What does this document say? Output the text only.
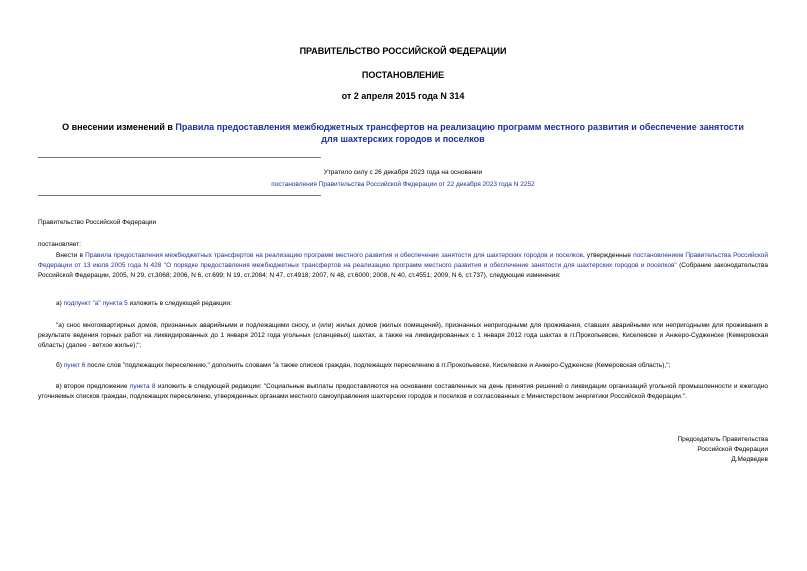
ПРАВИТЕЛЬСТВО РОССИЙСКОЙ ФЕДЕРАЦИИ
ПОСТАНОВЛЕНИЕ
от 2 апреля 2015 года N 314
О внесении изменений в Правила предоставления межбюджетных трансфертов на реализацию программ местного развития и обеспечение занятости для шахтерских городов и поселков
Утратило силу с 26 декабря 2023 года на основании
постановления Правительства Российской Федерации от 22 декабря 2023 года N 2252
Правительство Российской Федерации
постановляет:
Внести в Правила предоставления межбюджетных трансфертов на реализацию программ местного развития и обеспечение занятости для шахтерских городов и поселков, утвержденные постановлением Правительства Российской Федерации от 13 июля 2005 года N 428 "О порядке предоставления межбюджетных трансфертов на реализацию программ местного развития и обеспечение занятости для шахтерских городов и поселков" (Собрание законодательства Российской Федерации, 2005, N 29, ст.3068; 2006, N 6, ст.699; N 19, ст.2084; N 47, ст.4918; 2007, N 48, ст.6000; 2008, N 40, ст.4551; 2009, N 6, ст.737), следующие изменения:
а) подпункт "а" пункта 5 изложить в следующей редакции:
"а) снос многоквартирных домов, признанных аварийными и подлежащими сносу, и (или) жилых домов (жилых помещений), признанных непригодными для проживания, ставших аварийными или непригодными для проживания в результате ведения горных работ на ликвидированных до 1 января 2012 года угольных (сланцевых) шахтах, а также на ликвидированных с 1 января 2012 года шахтах в гг.Прокопьевске, Киселевске и Анжеро-Судженске (Кемеровская область) (далее - ветхое жилье);";
б) пункт 6 после слов "подлежащих переселению," дополнить словами "а также списков граждан, подлежащих переселению в гг.Прокопьевске, Киселевске и Анжеро-Судженске (Кемеровская область),";
в) второе предложение пункта 8 изложить в следующей редакции: "Социальные выплаты предоставляются на основании составленных на день принятия решений о ликвидации организаций угольной промышленности и ежегодно уточняемых списков граждан, подлежащих переселению, утвержденных органами местного самоуправления шахтерских городов и поселков и согласованных с Министерством энергетики Российской Федерации.".
Председатель Правительства
Российской Федерации
Д.Медведев
